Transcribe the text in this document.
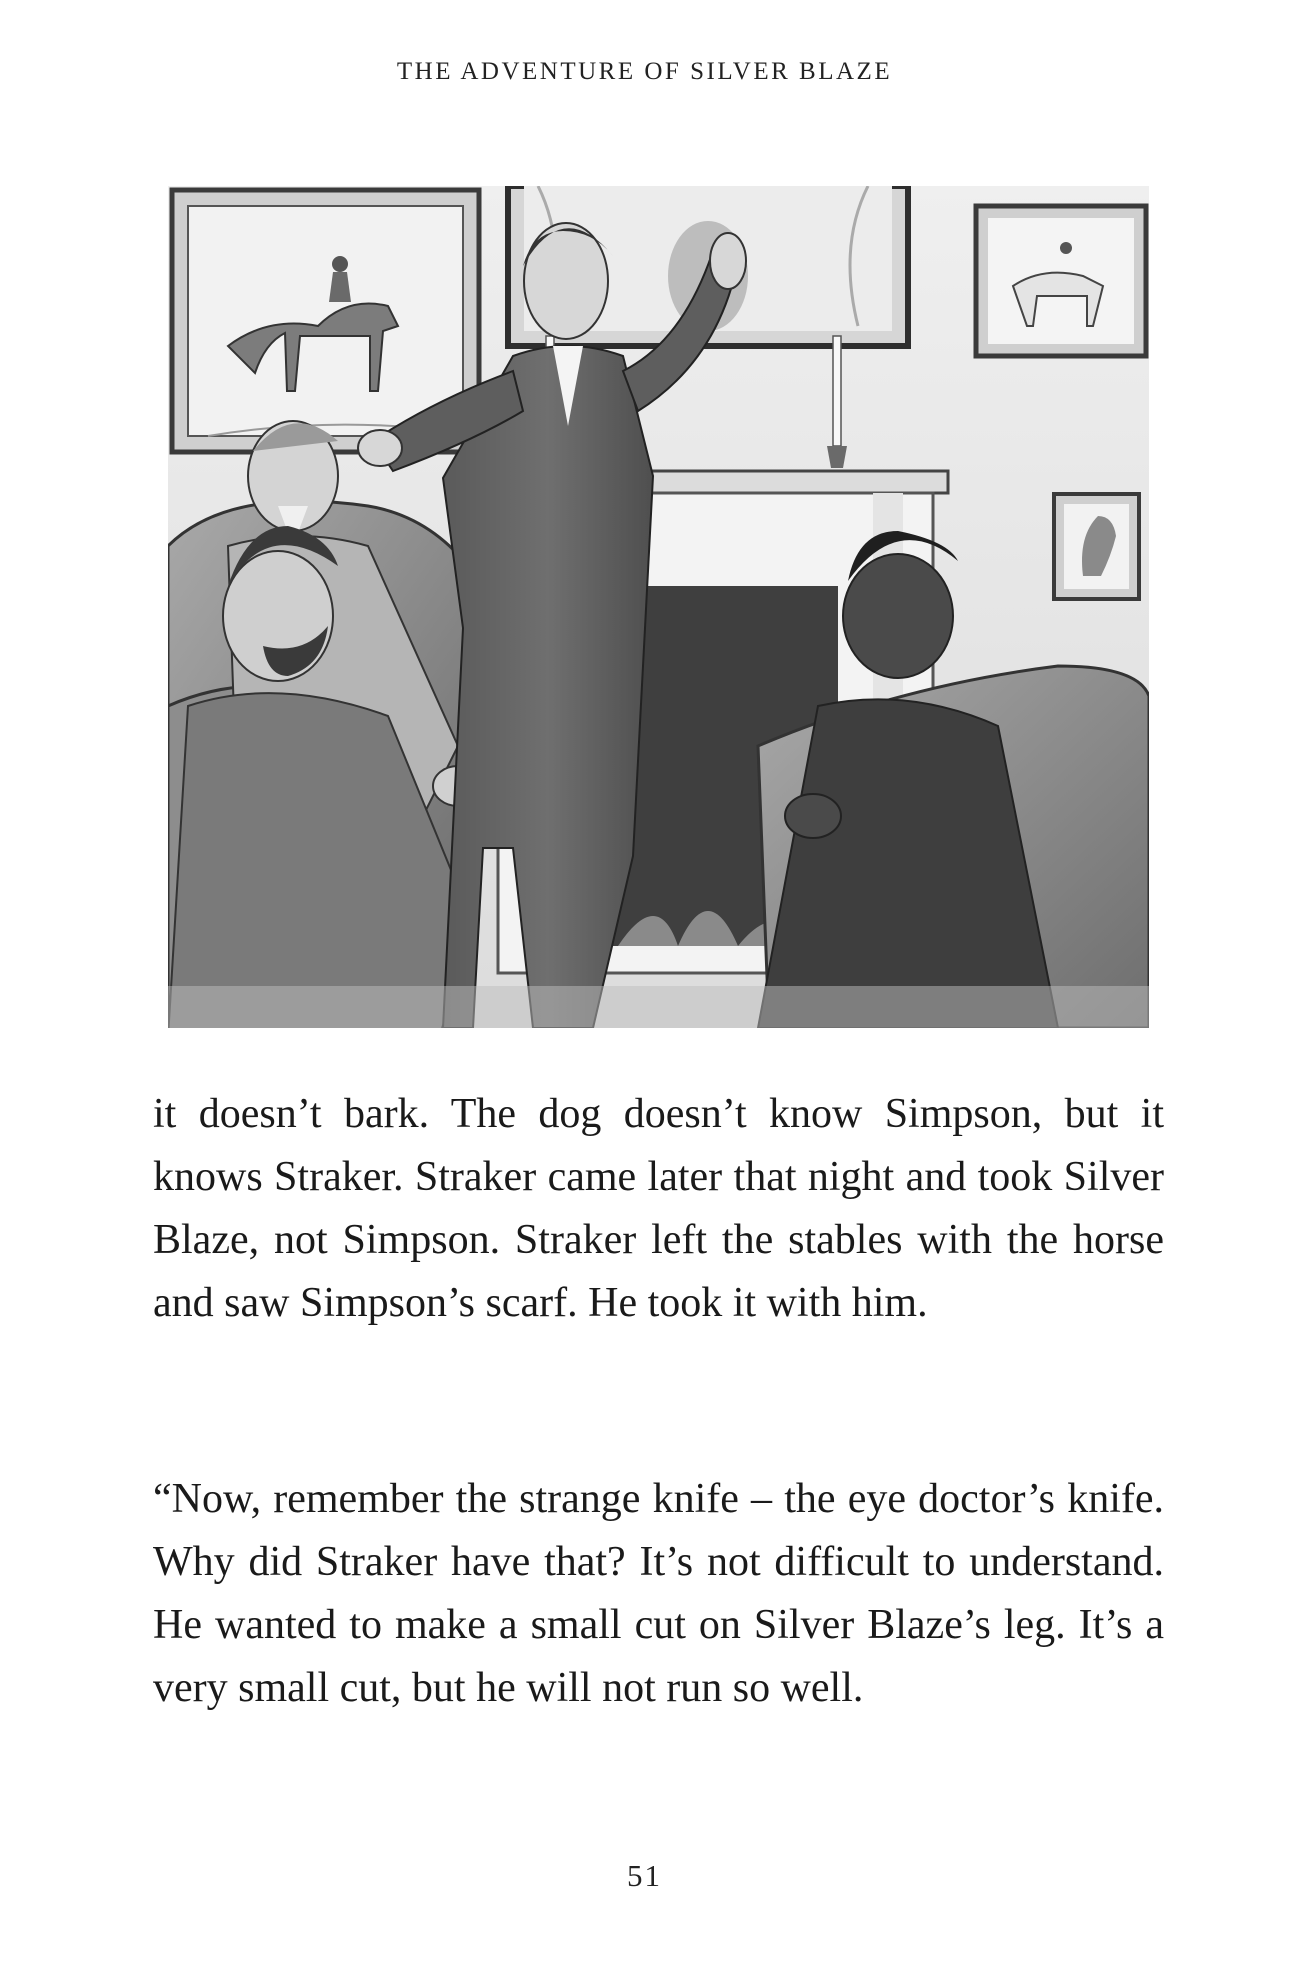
THE ADVENTURE OF SILVER BLAZE

it doesn’t bark. The dog doesn’t know Simpson, but it knows Straker. Straker came later that night and took Silver Blaze, not Simpson. Straker left the stables with the horse and saw Simpson’s scarf. He took it with him.

“Now, remember the strange knife – the eye doctor’s knife. Why did Straker have that? It’s not difficult to understand. He wanted to make a small cut on Silver Blaze’s leg. It’s a very small cut, but he will not run so well.

51
